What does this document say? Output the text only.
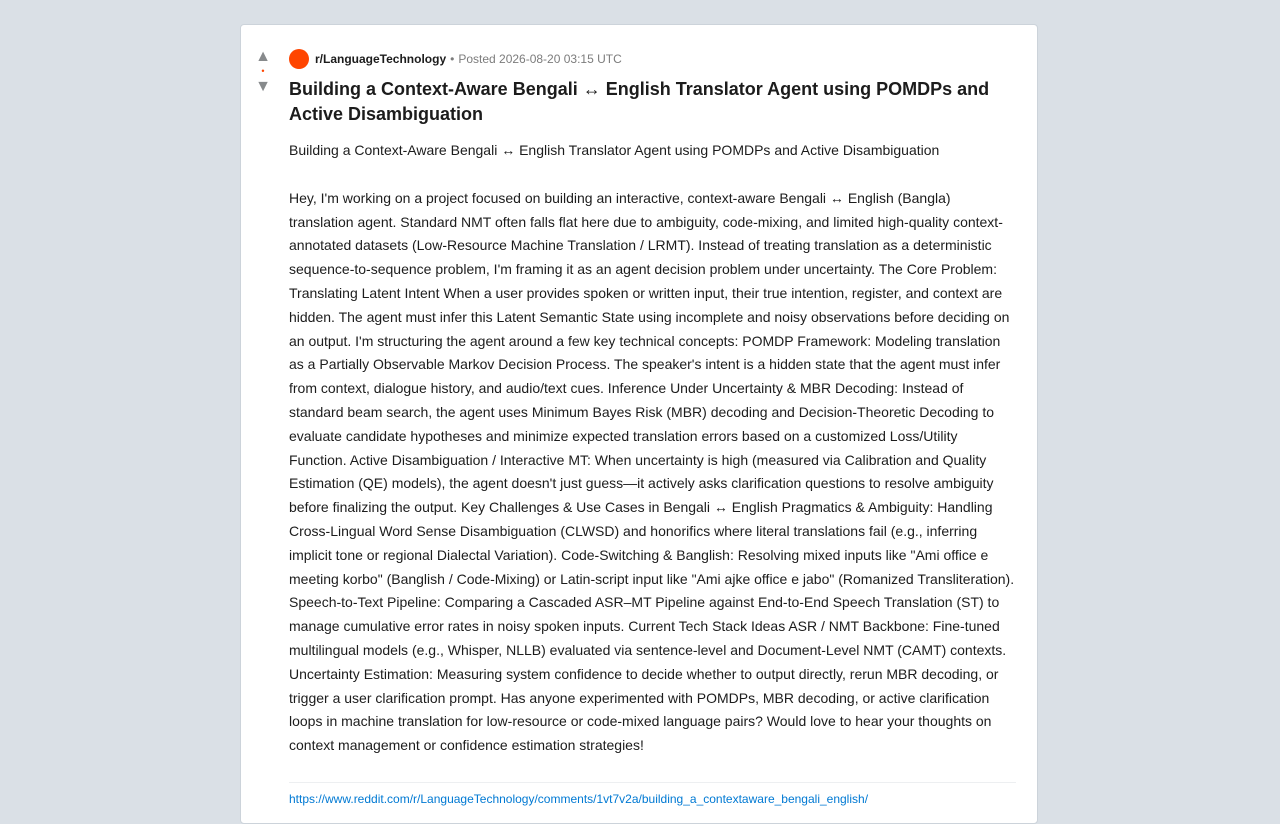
▲
•
▼
r/LanguageTechnology • Posted 2026-08-20 03:15 UTC
Building a Context-Aware Bengali ↔ English Translator Agent using POMDPs and Active Disambiguation

Building a Context-Aware Bengali ↔ English Translator Agent using POMDPs and Active Disambiguation

Hey, I'm working on a project focused on building an interactive, context-aware Bengali ↔ English (Bangla) translation agent. Standard NMT often falls flat here due to ambiguity, code-mixing, and limited high-quality context-annotated datasets (Low-Resource Machine Translation / LRMT). Instead of treating translation as a deterministic sequence-to-sequence problem, I'm framing it as an agent decision problem under uncertainty. The Core Problem: Translating Latent Intent When a user provides spoken or written input, their true intention, register, and context are hidden. The agent must infer this Latent Semantic State using incomplete and noisy observations before deciding on an output. I'm structuring the agent around a few key technical concepts: POMDP Framework: Modeling translation as a Partially Observable Markov Decision Process. The speaker's intent is a hidden state that the agent must infer from context, dialogue history, and audio/text cues. Inference Under Uncertainty & MBR Decoding: Instead of standard beam search, the agent uses Minimum Bayes Risk (MBR) decoding and Decision-Theoretic Decoding to evaluate candidate hypotheses and minimize expected translation errors based on a customized Loss/Utility Function. Active Disambiguation / Interactive MT: When uncertainty is high (measured via Calibration and Quality Estimation (QE) models), the agent doesn't just guess—it actively asks clarification questions to resolve ambiguity before finalizing the output. Key Challenges & Use Cases in Bengali ↔ English Pragmatics & Ambiguity: Handling Cross-Lingual Word Sense Disambiguation (CLWSD) and honorifics where literal translations fail (e.g., inferring implicit tone or regional Dialectal Variation). Code-Switching & Banglish: Resolving mixed inputs like "Ami office e meeting korbo" (Banglish / Code-Mixing) or Latin-script input like "Ami ajke office e jabo" (Romanized Transliteration). Speech-to-Text Pipeline: Comparing a Cascaded ASR–MT Pipeline against End-to-End Speech Translation (ST) to manage cumulative error rates in noisy spoken inputs. Current Tech Stack Ideas ASR / NMT Backbone: Fine-tuned multilingual models (e.g., Whisper, NLLB) evaluated via sentence-level and Document-Level NMT (CAMT) contexts. Uncertainty Estimation: Measuring system confidence to decide whether to output directly, rerun MBR decoding, or trigger a user clarification prompt. Has anyone experimented with POMDPs, MBR decoding, or active clarification loops in machine translation for low-resource or code-mixed language pairs? Would love to hear your thoughts on context management or confidence estimation strategies!

https://www.reddit.com/r/LanguageTechnology/comments/1vt7v2a/building_a_contextaware_bengali_english/
